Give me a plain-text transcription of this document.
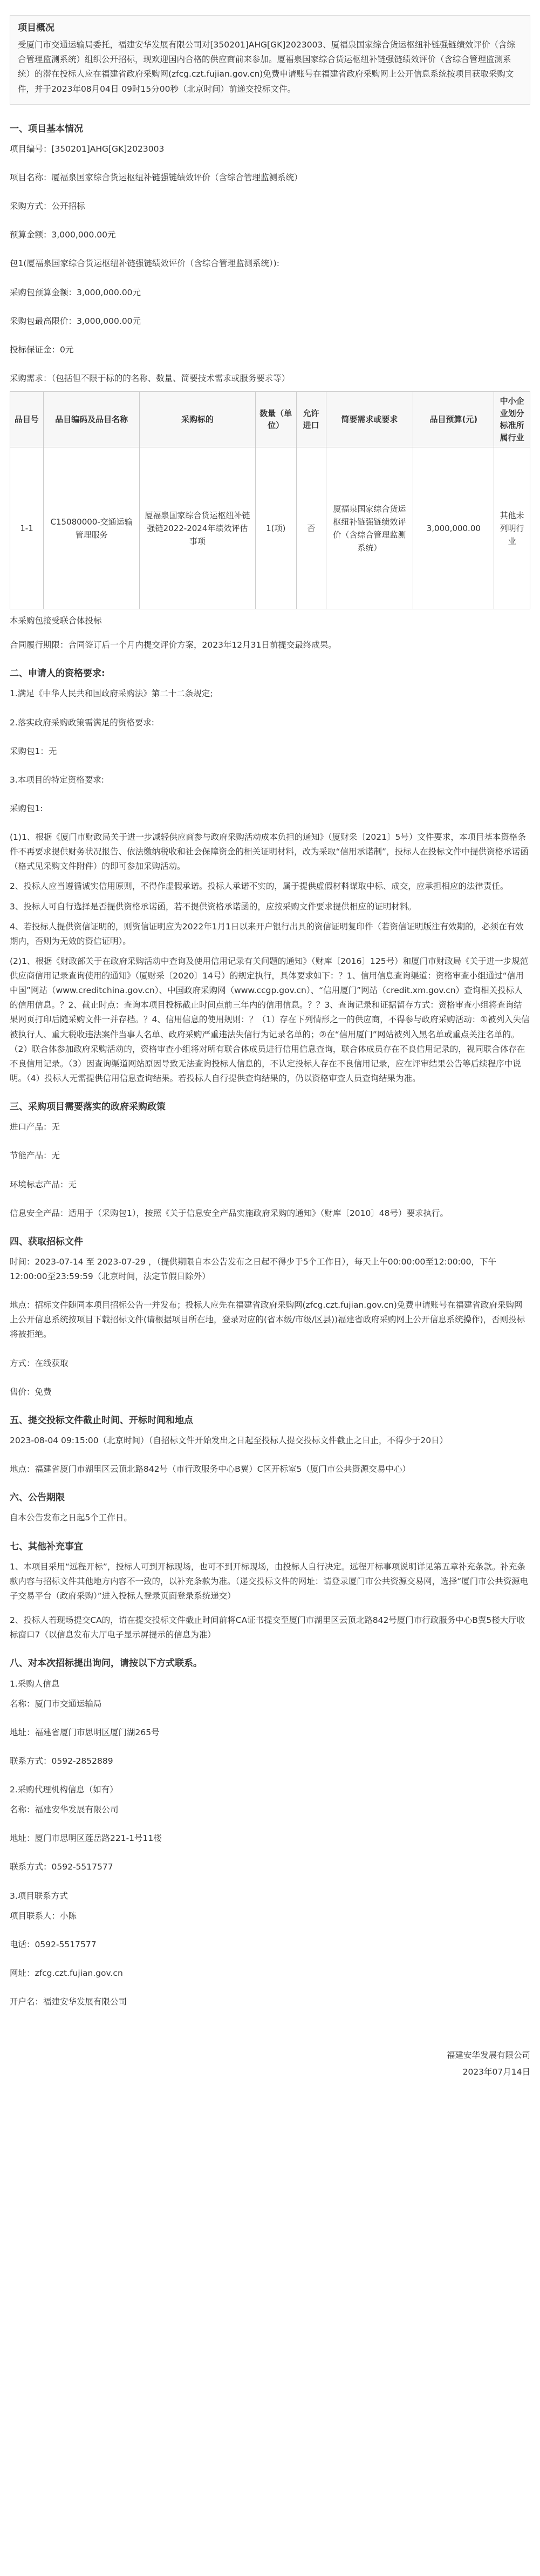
项目概况
受厦门市交通运输局委托，福建安华发展有限公司对[350201]AHG[GK]2023003、厦福泉国家综合货运枢纽补链强链绩效评价（含综合管理监测系统）组织公开招标，现欢迎国内合格的供应商前来参加。厦福泉国家综合货运枢纽补链强链绩效评价（含综合管理监测系统）的潜在投标人应在福建省政府采购网(zfcg.czt.fujian.gov.cn)免费申请账号在福建省政府采购网上公开信息系统按项目获取采购文件，并于2023年08月04日 09时15分00秒（北京时间）前递交投标文件。
一、项目基本情况
项目编号：[350201]AHG[GK]2023003
项目名称：厦福泉国家综合货运枢纽补链强链绩效评价（含综合管理监测系统）
采购方式：公开招标
预算金额：3,000,000.00元
包1(厦福泉国家综合货运枢纽补链强链绩效评价（含综合管理监测系统）):
采购包预算金额：3,000,000.00元
采购包最高限价：3,000,000.00元
投标保证金：0元
采购需求：（包括但不限于标的的名称、数量、简要技术需求或服务要求等）
品目号	品目编码及品目名称	采购标的	数量（单位）	允许进口	简要需求或要求	品目预算(元)	中小企业划分标准所属行业
1-1	C15080000-交通运输管理服务	厦福泉国家综合货运枢纽补链强链2022-2024年绩效评估事项	1(项)	否	厦福泉国家综合货运枢纽补链强链绩效评价（含综合管理监测系统）	3,000,000.00	其他未列明行业
本采购包接受联合体投标
合同履行期限：合同签订后一个月内提交评价方案，2023年12月31日前提交最终成果。
二、申请人的资格要求:
1.满足《中华人民共和国政府采购法》第二十二条规定;
2.落实政府采购政策需满足的资格要求:
采购包1：无
3.本项目的特定资格要求:
采购包1:
(1)1、根据《厦门市财政局关于进一步减轻供应商参与政府采购活动成本负担的通知》（厦财采〔2021〕5号）文件要求，本项目基本资格条件不再要求提供财务状况报告、依法缴纳税收和社会保障资金的相关证明材料，改为采取“信用承诺制”，投标人在投标文件中提供资格承诺函（格式见采购文件附件）的即可参加采购活动。
2、投标人应当遵循诚实信用原则，不得作虚假承诺。投标人承诺不实的，属于提供虚假材料谋取中标、成交，应承担相应的法律责任。
3、投标人可自行选择是否提供资格承诺函，若不提供资格承诺函的，应按采购文件要求提供相应的证明材料。
4、若投标人提供资信证明的，则资信证明应为2022年1月1日以来开户银行出具的资信证明复印件（若资信证明版注有效期的，必须在有效期内，否则为无效的资信证明）。
(2)1、根据《财政部关于在政府采购活动中查询及使用信用记录有关问题的通知》（财库〔2016〕125号）和厦门市财政局《关于进一步规范供应商信用记录查询使用的通知》（厦财采〔2020〕14号）的规定执行，具体要求如下：？1、信用信息查询渠道：资格审查小组通过“信用中国”网站（www.creditchina.gov.cn）、中国政府采购网（www.ccgp.gov.cn）、“信用厦门”网站（credit.xm.gov.cn）查询相关投标人的信用信息。？2、截止时点：查询本项目投标截止时间点前三年内的信用信息。？？3、查询记录和证据留存方式：资格审查小组将查询结果网页打印后随采购文件一并存档。？4、信用信息的使用规则：？（1）存在下列情形之一的供应商，不得参与政府采购活动：①被列入失信被执行人、重大税收违法案件当事人名单、政府采购严重违法失信行为记录名单的；②在“信用厦门”网站被列入黑名单或重点关注名单的。（2）联合体参加政府采购活动的，资格审查小组将对所有联合体成员进行信用信息查询，联合体成员存在不良信用记录的，视同联合体存在不良信用记录。（3）因查询渠道网站原因导致无法查询投标人信息的，不认定投标人存在不良信用记录，应在评审结果公告等后续程序中说明。（4）投标人无需提供信用信息查询结果。若投标人自行提供查询结果的，仍以资格审查人员查询结果为准。
三、采购项目需要落实的政府采购政策
进口产品：无
节能产品：无
环境标志产品：无
信息安全产品：适用于（采购包1），按照《关于信息安全产品实施政府采购的通知》（财库〔2010〕48号）要求执行。
四、获取招标文件
时间：2023-07-14 至 2023-07-29 ，（提供期限自本公告发布之日起不得少于5个工作日），每天上午00:00:00至12:00:00，下午12:00:00至23:59:59（北京时间，法定节假日除外）
地点：招标文件随同本项目招标公告一并发布；投标人应先在福建省政府采购网(zfcg.czt.fujian.gov.cn)免费申请账号在福建省政府采购网上公开信息系统按项目下载招标文件(请根据项目所在地，登录对应的(省本级/市级/区县))福建省政府采购网上公开信息系统操作)，否则投标将被拒绝。
方式：在线获取
售价：免费
五、提交投标文件截止时间、开标时间和地点
2023-08-04 09:15:00（北京时间）（自招标文件开始发出之日起至投标人提交投标文件截止之日止，不得少于20日）
地点：福建省厦门市湖里区云顶北路842号（市行政服务中心B翼）C区开标室5（厦门市公共资源交易中心）
六、公告期限
自本公告发布之日起5个工作日。
七、其他补充事宜
1、本项目采用“远程开标”，投标人可到开标现场，也可不到开标现场，由投标人自行决定。远程开标事项说明详见第五章补充条款。补充条款内容与招标文件其他地方内容不一致的，以补充条款为准。（递交投标文件的网址：请登录厦门市公共资源交易网，选择“厦门市公共资源电子交易平台（政府采购）”进入投标人登录页面登录系统递交）
2、投标人若现场提交CA的，请在提交投标文件截止时间前将CA证书提交至厦门市湖里区云顶北路842号厦门市行政服务中心B翼5楼大厅收标窗口7（以信息发布大厅电子显示屏提示的信息为准）
八、对本次招标提出询问，请按以下方式联系。
1.采购人信息
名称：厦门市交通运输局
地址：福建省厦门市思明区厦门湖265号
联系方式：0592-2852889
2.采购代理机构信息（如有）
名称：福建安华发展有限公司
地址：厦门市思明区莲岳路221-1号11楼
联系方式：0592-5517577
3.项目联系方式
项目联系人：小陈
电话：0592-5517577
网址：zfcg.czt.fujian.gov.cn
开户名：福建安华发展有限公司
福建安华发展有限公司
2023年07月14日
